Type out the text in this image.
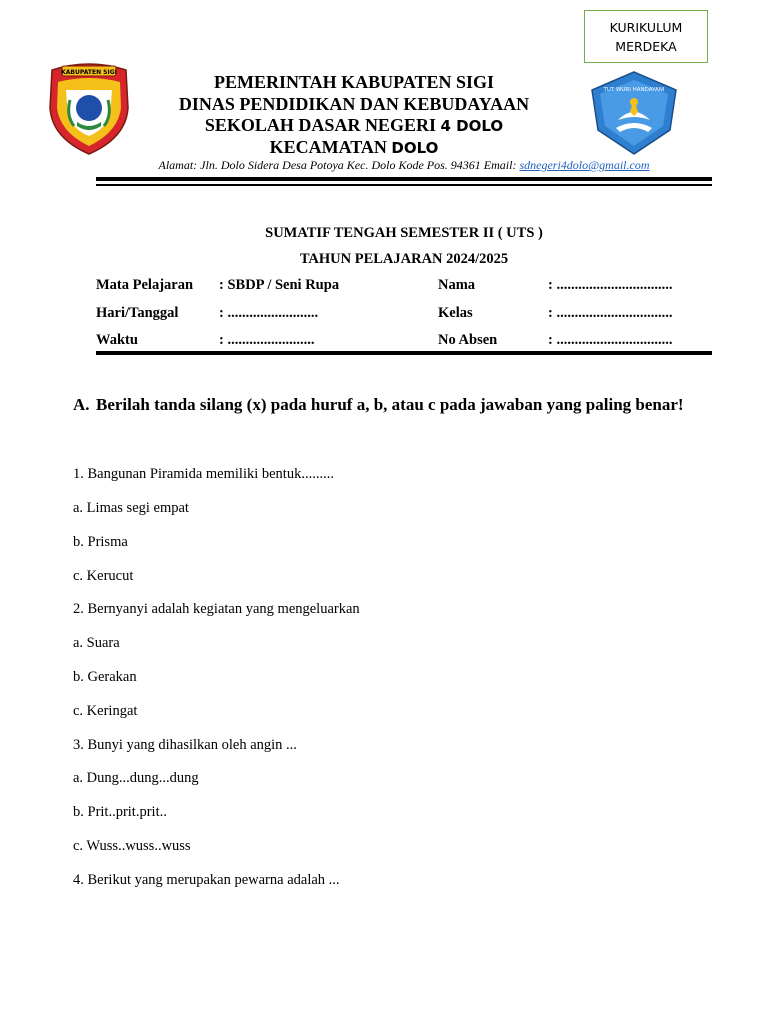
KURIKULUM
MERDEKA
KABUPATEN SIGI
TUT WURI HANDAYANI
PEMERINTAH KABUPATEN SIGI
DINAS PENDIDIKAN DAN KEBUDAYAAN
SEKOLAH DASAR NEGERI 4 DOLO
KECAMATAN DOLO
Alamat: Jln. Dolo Sidera Desa Potoya Kec. Dolo Kode Pos. 94361 Email: sdnegeri4dolo@gmail.com
SUMATIF TENGAH SEMESTER II ( UTS )
TAHUN PELAJARAN 2024/2025
Mata Pelajaran : SBDP / Seni Rupa	Nama	: ................................
Hari/Tanggal	: .........................	Kelas	: ................................
Waktu	: ........................	No Absen	: ................................
A. Berilah tanda silang (x) pada huruf a, b, atau c pada jawaban yang paling benar!
1. Bangunan Piramida memiliki bentuk.........
a. Limas segi empat
b. Prisma
c. Kerucut
2. Bernyanyi adalah kegiatan yang mengeluarkan
a. Suara
b. Gerakan
c. Keringat
3. Bunyi yang dihasilkan oleh angin ...
a. Dung...dung...dung
b. Prit..prit.prit..
c. Wuss..wuss..wuss
4. Berikut yang merupakan pewarna adalah ...
